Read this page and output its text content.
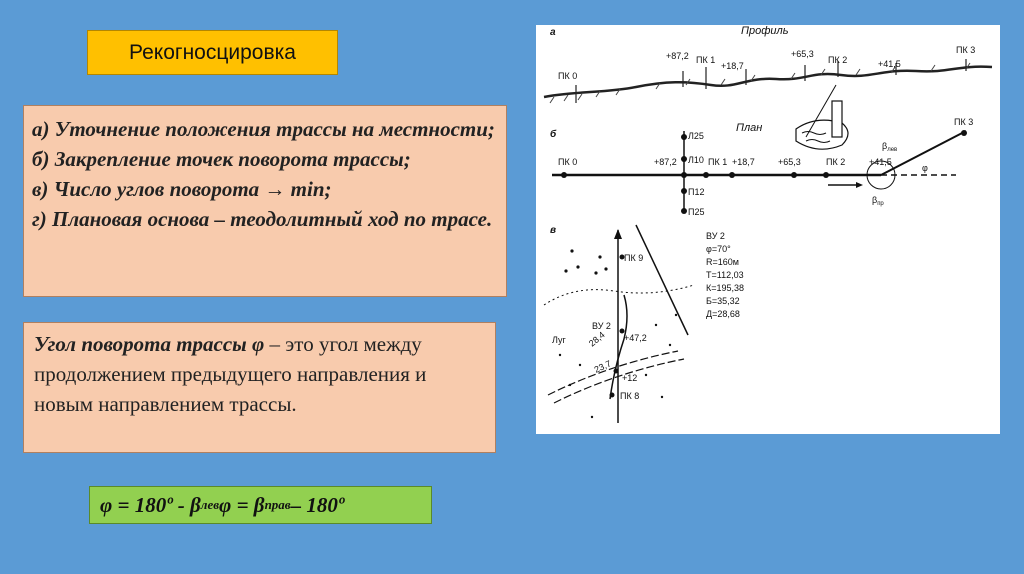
Рекогносцировка
а) Уточнение положения трассы на местности;
б) Закрепление точек поворота трассы;
в) Число углов поворота → min;
г) Плановая основа – теодолитный ход по трасе.
Угол поворота трассы φ – это угол между продолжением предыдущего направления и новым направлением трассы.
φ = 180º - β лев φ = β прав – 180º
а	Профиль
ПК 0
+87,2 ПК 1
+18,7
+65,3
ПК 2	+41,5
ПК 3
б
План
ПК 0	+87,2 Л10 ПК 1 +18,7	+65,3	ПК 2	+41,5
ПК 3
Л25
П12
П25
φ
$\beta_{лев}$
$\beta_{пр}$
в
ПК 9
ВУ 2
+47,2
28,4
23,7
+12
ПК 8
Луг
ВУ 2
φ=70°
R=160м
T=112,03
К=195,38
Б=35,32
Д=28,68
